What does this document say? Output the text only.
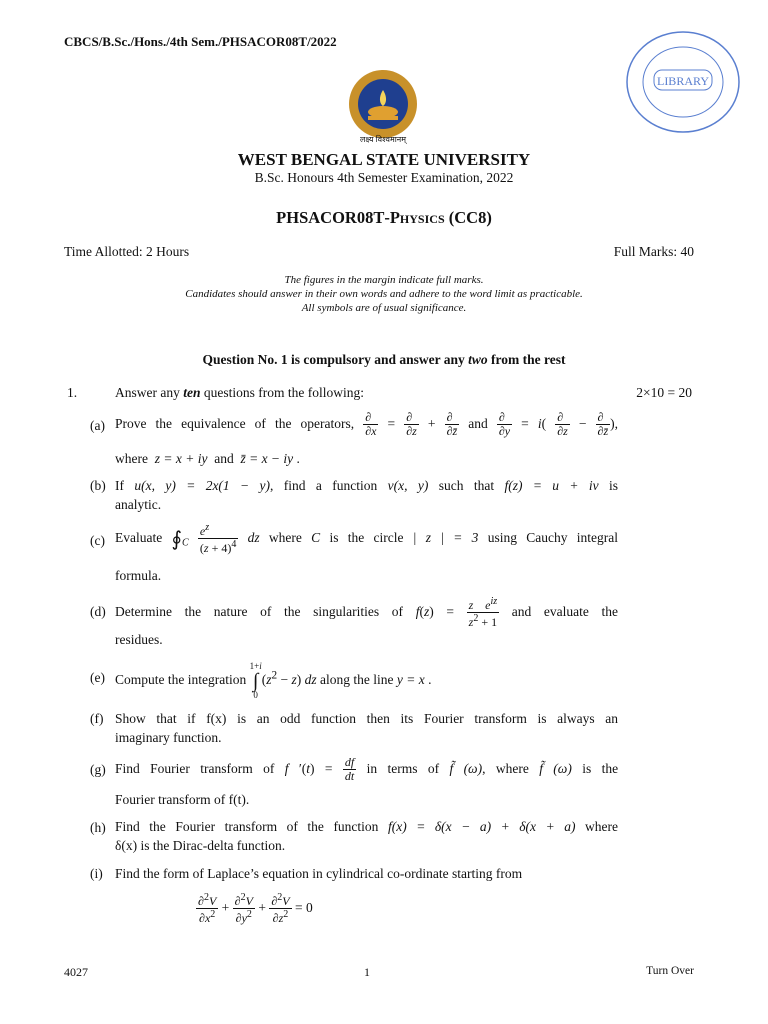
CBCS/B.Sc./Hons./4th Sem./PHSACOR08T/2022
लक्ष्य विश्वमानम्
LIBRARY
WEST BENGAL STATE UNIVERSITY
B.Sc. Honours 4th Semester Examination, 2022
PHSACOR08T-Physics (CC8)
Time Allotted: 2 Hours	Full Marks: 40
The figures in the margin indicate full marks.
Candidates should answer in their own words and adhere to the word limit as practicable.
All symbols are of usual significance.
Question No. 1 is compulsory and answer any two from the rest
1.	Answer any ten questions from the following:	2×10 = 20
(a) Prove the equivalence of the operators, ∂
∂x
= ∂
∂z
+ ∂
∂z̄
and ∂
∂y
= i( ∂
∂z
− ∂
∂z̄
),
where z = x + iy and z̄ = x − iy .
(b) If u(x, y) = 2x(1 − y), find a function v(x, y) such that f(z) = u + iv is
analytic.
(c) Evaluate $∮_C \frac{e^z}{(z + 4)^4}$ dz where C is the circle | z | = 3 using Cauchy integral
formula.
(d) Determine the nature of the singularities of f(z) = z $e^{iz}$
$z^2 + 1$
and evaluate the
residues.
(e) Compute the integration
1+i
∫
0
$(z^2 - z)$ dz along the line y = x .
(f) Show that if f(x) is an odd function then its Fourier transform is always an
imaginary function.
(g) Find Fourier transform of f $'(t) = \frac{df}{dt}$ in terms of f̃ (ω), where f̃ (ω) is the
Fourier transform of f(t).
(h) Find the Fourier transform of the function f(x) = δ(x − a) + δ(x + a) where
δ(x) is the Dirac-delta function.
(i) Find the form of Laplace’s equation in cylindrical co-ordinate starting from
$\frac{\partial^2V}{\partial x^2} + \frac{\partial^2V}{\partial y^2} + \frac{\partial^2V}{\partial z^2} = 0$
4027	1	Turn Over
